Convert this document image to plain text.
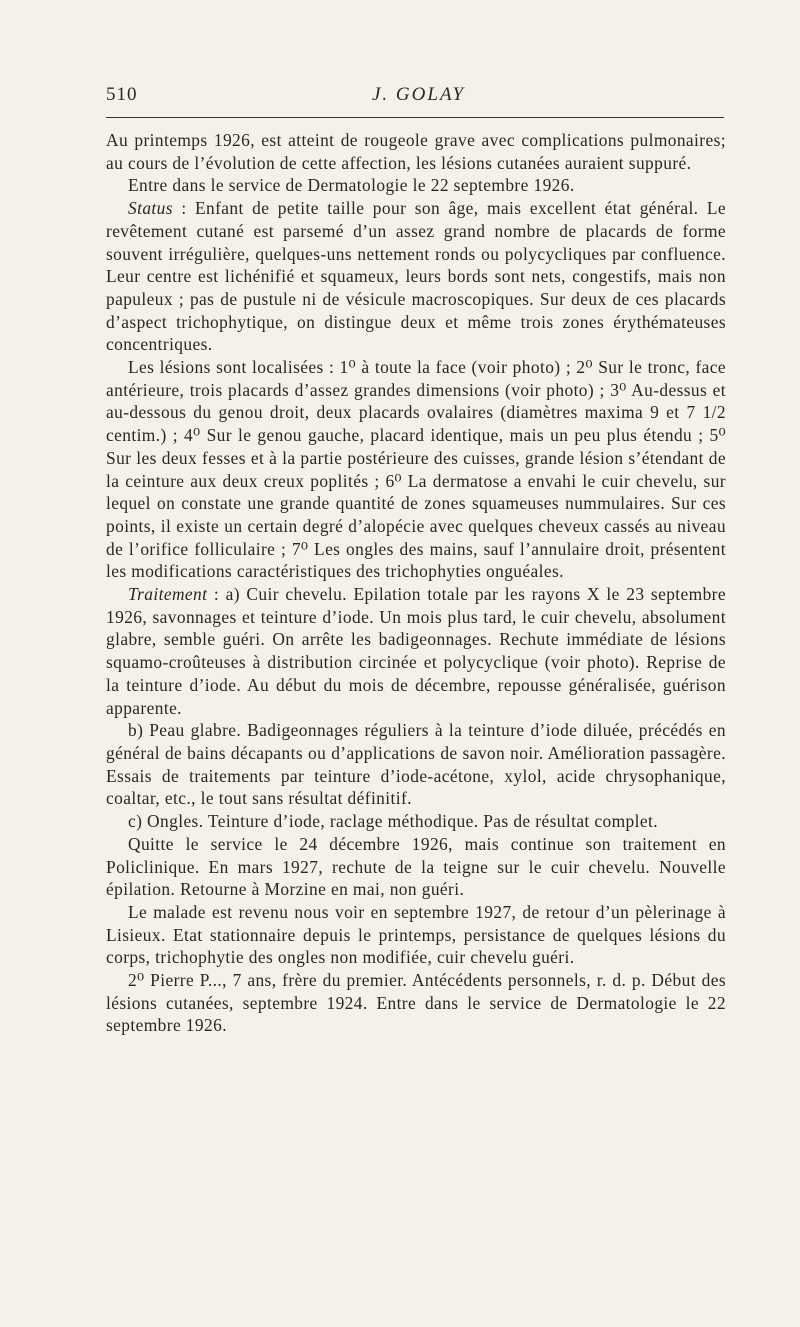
510	J. GOLAY

Au printemps 1926, est atteint de rougeole grave avec complications pulmonaires; au cours de l’évolution de cette affection, les lésions cutanées auraient suppuré.

Entre dans le service de Dermatologie le 22 septembre 1926.

Status : Enfant de petite taille pour son âge, mais excellent état général. Le revêtement cutané est parsemé d’un assez grand nombre de placards de forme souvent irrégulière, quelques-uns nettement ronds ou polycycliques par confluence. Leur centre est lichénifié et squameux, leurs bords sont nets, congestifs, mais non papuleux ; pas de pustule ni de vésicule macroscopiques. Sur deux de ces placards d’aspect trichophytique, on distingue deux et même trois zones érythémateuses concentriques.

Les lésions sont localisées : 1⁰ à toute la face (voir photo) ; 2⁰ Sur le tronc, face antérieure, trois placards d’assez grandes dimensions (voir photo) ; 3⁰ Au-dessus et au-dessous du genou droit, deux placards ovalaires (diamètres maxima 9 et 7 1/2 centim.) ; 4⁰ Sur le genou gauche, placard identique, mais un peu plus étendu ; 5⁰ Sur les deux fesses et à la partie postérieure des cuisses, grande lésion s’étendant de la ceinture aux deux creux poplités ; 6⁰ La dermatose a envahi le cuir chevelu, sur lequel on constate une grande quantité de zones squameuses nummulaires. Sur ces points, il existe un certain degré d’alopécie avec quelques cheveux cassés au niveau de l’orifice folliculaire ; 7⁰ Les ongles des mains, sauf l’annulaire droit, présentent les modifications caractéristiques des trichophyties onguéales.

Traitement : a) Cuir chevelu. Epilation totale par les rayons X le 23 septembre 1926, savonnages et teinture d’iode. Un mois plus tard, le cuir chevelu, absolument glabre, semble guéri. On arrête les badigeonnages. Rechute immédiate de lésions squamo-croûteuses à distribution circinée et polycyclique (voir photo). Reprise de la teinture d’iode. Au début du mois de décembre, repousse généralisée, guérison apparente.

b) Peau glabre. Badigeonnages réguliers à la teinture d’iode diluée, précédés en général de bains décapants ou d’applications de savon noir. Amélioration passagère. Essais de traitements par teinture d’iode-acétone, xylol, acide chrysophanique, coaltar, etc., le tout sans résultat définitif.

c) Ongles. Teinture d’iode, raclage méthodique. Pas de résultat complet.

Quitte le service le 24 décembre 1926, mais continue son traitement en Policlinique. En mars 1927, rechute de la teigne sur le cuir chevelu. Nouvelle épilation. Retourne à Morzine en mai, non guéri.

Le malade est revenu nous voir en septembre 1927, de retour d’un pèlerinage à Lisieux. Etat stationnaire depuis le printemps, persistance de quelques lésions du corps, trichophytie des ongles non modifiée, cuir chevelu guéri.

2⁰ Pierre P..., 7 ans, frère du premier. Antécédents personnels, r. d. p. Début des lésions cutanées, septembre 1924. Entre dans le service de Dermatologie le 22 septembre 1926.
